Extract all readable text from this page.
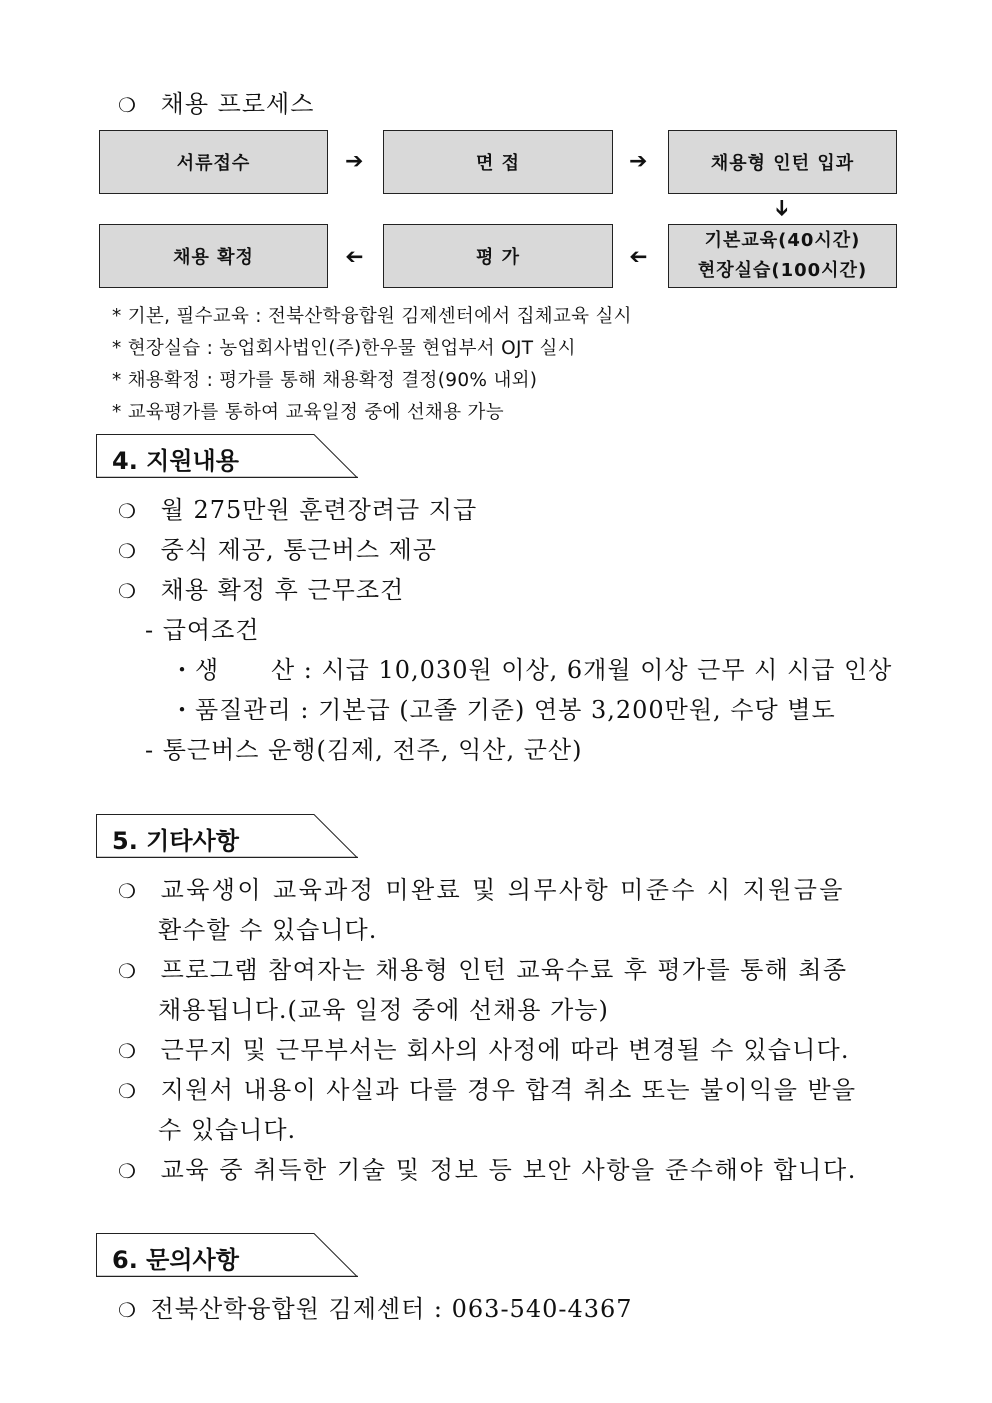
❍ 채용 프로세스
서류접수	➔	면 접	➔	채용형 인턴 입과
➔
채용 확정	➔	평 가	➔
기본교육(40시간)
현장실습(100시간)
* 기본, 필수교육 : 전북산학융합원 김제센터에서 집체교육 실시
* 현장실습 : 농업회사법인(주)한우물 현업부서 OJT 실시
* 채용확정 : 평가를 통해 채용확정 결정(90% 내외)
* 교육평가를 통하여 교육일정 중에 선채용 가능
4. 지원내용
❍ 월 275만원 훈련장려금 지급
❍ 중식 제공, 통근버스 제공
❍ 채용 확정 후 근무조건
- 급여조건
・생      산 : 시급 10,030원 이상, 6개월 이상 근무 시 시급 인상
・품질관리 : 기본급 (고졸 기준) 연봉 3,200만원, 수당 별도
- 통근버스 운행(김제, 전주, 익산, 군산)
5. 기타사항
❍ 교육생이 교육과정 미완료 및 의무사항 미준수 시 지원금을
환수할 수 있습니다.
❍ 프로그램 참여자는 채용형 인턴 교육수료 후 평가를 통해 최종
채용됩니다.(교육 일정 중에 선채용 가능)
❍ 근무지 및 근무부서는 회사의 사정에 따라 변경될 수 있습니다.
❍ 지원서 내용이 사실과 다를 경우 합격 취소 또는 불이익을 받을
수 있습니다.
❍ 교육 중 취득한 기술 및 정보 등 보안 사항을 준수해야 합니다.
6. 문의사항
❍ 전북산학융합원 김제센터 : 063-540-4367
